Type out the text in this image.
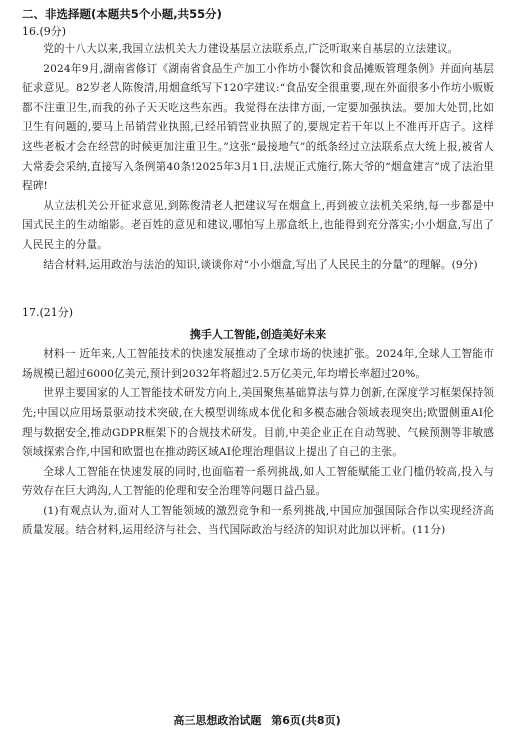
二、非选择题(本题共5个小题,共55分)
16.(9分)

党的十八大以来,我国立法机关大力建设基层立法联系点,广泛听取来自基层的立法建议。

2024年9月,湖南省修订《湖南省食品生产加工小作坊小餐饮和食品摊贩管理条例》并面向基层征求意见。82岁老人陈俊清,用烟盒纸写下120字建议:“食品安全很重要,现在外面很多小作坊小贩贩都不注重卫生,而我的孙子天天吃这些东西。我觉得在法律方面,一定要加强执法。要加大处罚,比如卫生有问题的,要马上吊销营业执照,已经吊销营业执照了的,要规定若干年以上不准再开店子。这样这些老板才会在经营的时候更加注重卫生。”这张“最接地气”的纸条经过立法联系点大统上报,被省人大常委会采纳,直接写入条例第40条!2025年3月1日,法规正式施行,陈大爷的“烟盒建言”成了法治里程碑!

从立法机关公开征求意见,到陈俊清老人把建议写在烟盒上,再到被立法机关采纳,每一步都是中国式民主的生动缩影。老百姓的意见和建议,哪怕写上那盒纸上,也能得到充分落实;小小烟盒,写出了人民民主的分量。

结合材料,运用政治与法治的知识,谈谈你对“小小烟盒,写出了人民民主的分量”的理解。(9分)

17.(21分)
携手人工智能,创造美好未来

材料一 近年来,人工智能技术的快速发展推动了全球市场的快速扩张。2024年,全球人工智能市场规模已超过6000亿美元,预计到2032年将超过2.5万亿美元,年均增长率超过20%。

世界主要国家的人工智能技术研发方向上,美国聚焦基础算法与算力创新,在深度学习框架保持领先;中国以应用场景驱动技术突破,在大模型训练成本优化和多模态融合领域表现突出;欧盟侧重AI伦理与数据安全,推动GDPR框架下的合规技术研发。目前,中美企业正在自动驾驶、气候预测等非敏感领域探索合作,中国和欧盟也在推动跨区域AI伦理治理倡议上提出了自己的主张。

全球人工智能在快速发展的同时,也面临着一系列挑战,如人工智能赋能工业门槛仍较高,投入与劳效存在巨大鸿沟,人工智能的伦理和安全治理等问题日益凸显。

(1)有观点认为,面对人工智能领域的激烈竞争和一系列挑战,中国应加强国际合作以实现经济高质量发展。结合材料,运用经济与社会、当代国际政治与经济的知识对此加以评析。(11分)

高三思想政治试题 第6页(共8页)
